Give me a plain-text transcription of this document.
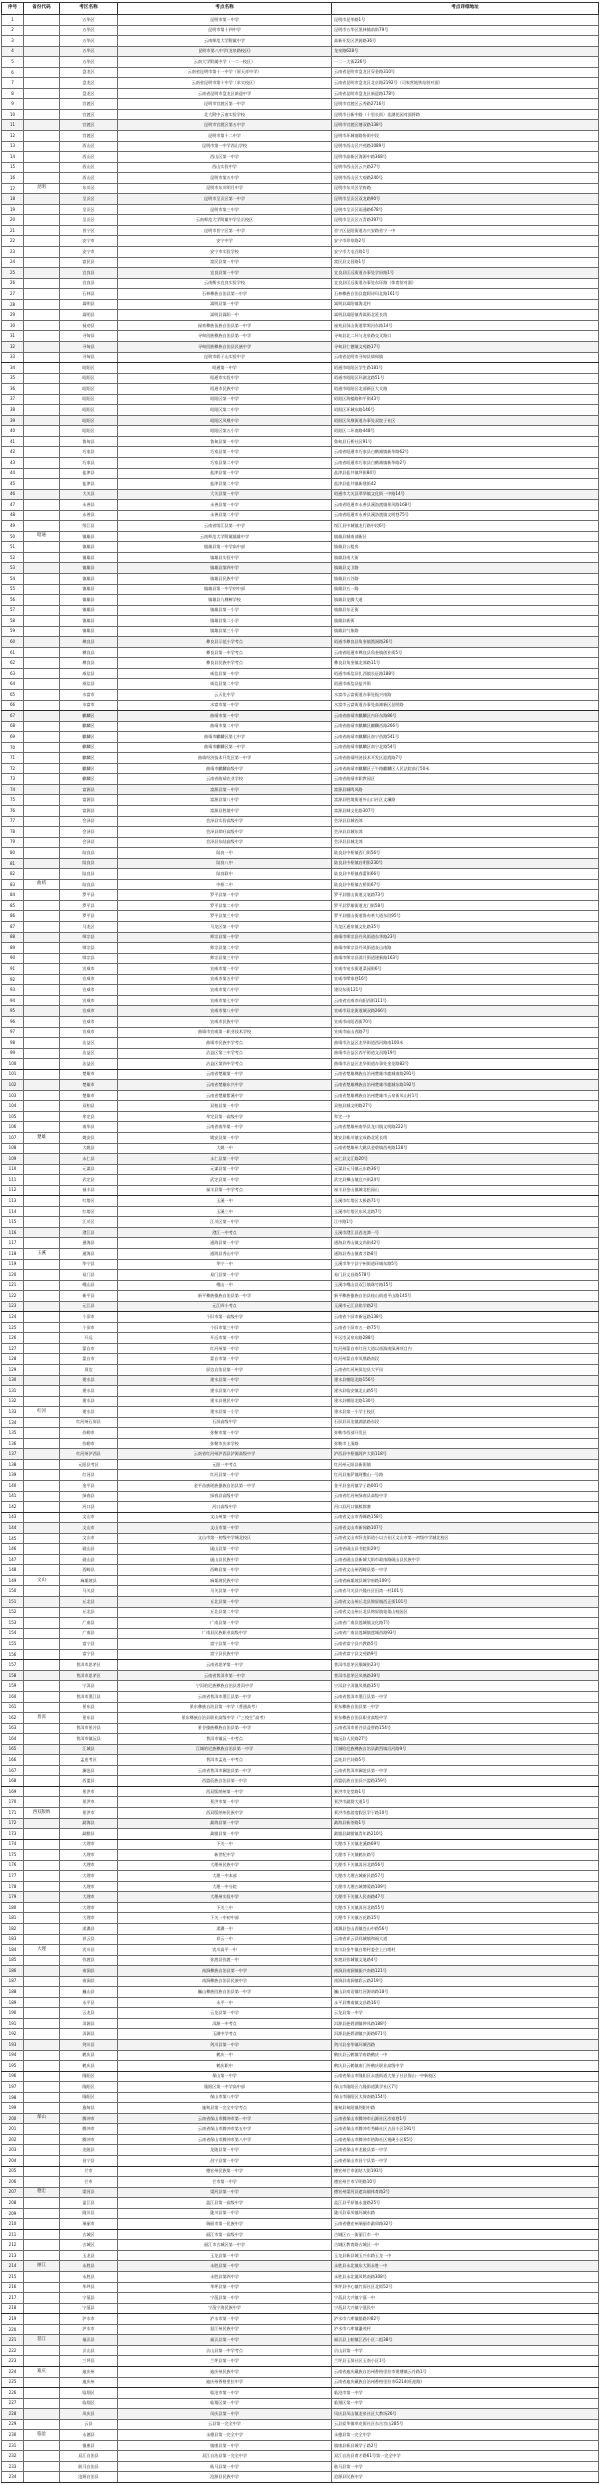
序号	省份代码	考区名称	考点名称	考点详细地址
1		五华区	昆明市第一中学	昆明市昆华路1号
2		五华区	昆明市第十四中学	昆明市五华区黑林铺前街79号
3		五华区	云南师范大学附属中学	高新开发区洪源路36号
4		五华区	昆明市第八中学(龙泉路校区)	龙泉路628号
5		五华区	云南大学附属中学（一二一校区）	一二一大街226号
6		盘龙区	云南省昆明市第十一中学（原天祥中学）	云南省昆明市盘龙区穿金路310号
7		盘龙区	云南省昆明市第十中学（求实校区）	云南省昆明市盘龙区北京路2192号（司家营地铁站斜对面）
8		盘龙区	云南省昆明市盘龙区新迎中学	云南省昆明市盘龙区新迎路178号
9		官渡区	昆明市官渡区第一中学	昆明市官渡区云秀路2716号
10		官渡区	北大附中云南实验学校	昆明市日新中路（十里长街）佳湖花园对面将路
11		官渡区	昆明市官渡区第五中学	昆明市官渡区塘双路138号
12		官渡区	昆明市第十二中学	昆明市环城南路协街中段
13		西山区	昆明市第一中学西山学校	昆明市西山区兴苑路1089号
14		西山区	西山区第一中学	昆明市高新区海源中路368号
15		西山区	西山实验中学	昆明市西山区云兴路27号
16		西山区	昆明市第五中学	昆明市西山区大观路240号
17	昆明	东川区	昆明市东川明月中学	昆明市东川区学府路
18		呈贡区	昆明市呈贡区第一中学	昆明市呈贡区双龙路90号
19		呈贡区	昆明市第三中学	昆明市呈贡区雨通路678号
20		呈贡区	云南师范大学附属中学呈贡校区	昆明市呈贡区万青路397号
21		晋宁区	昆明市晋宁区第一中学	晋宁区昆阳街道办兴安路晋宁一中
22		安宁市	安宁中学	安宁市珍泉路2号
23		安宁市	安宁市实验学校	安宁市大屯百路1号
24		富民县	富民县第一中学	富民县文昌路1号
25		宜良县	宜良县第一中学	宜良县匡远街道办事处学府路1号
26		宜良县	云南衡水宜良实验学校	宜良县匡远街道办事处东环路（体育馆对面）
27		石林县	石林彝族自治县第一中学	石林彝族自治县鹿阿诗玛北路161号
28		嵩明县	嵩明县第一中学	嵩明县嵩阳镇海北村
29		嵩明县	嵩明县嵩阳一中	嵩明县嵩阳镇秀嵩街北延长线
30		禄劝县	禄劝彝族苗族自治县第一中学	禄劝县屏山街道掌鸠河东路14号
31		寻甸县	寻甸回族彝族自治县第一中学	寻甸县北二环与龙泉路交叉路口
32		寻甸县	寻甸回族彝族自治县民族中学	寻甸县仁德镇文苑路17号
33		寻甸县	昆明市轿子山实验中学	云南省昆明市寻甸县倘甸镇
34		昭阳区	昭通第一中学	昭通市昭阳区学生路181号
35		昭阳区	昭通市实验中学	昭通市昭阳区环湖北路51号
36		昭阳区	昭通市民族中学	昭通市昭阳区北部新区大关路
37		昭阳区	昭阳区第一中学	昭阳区海楼路和平街43号
38		昭阳区	昭阳区第二中学	昭阳区环城东路146号
39		昭阳区	昭阳区凤凰中学	昭阳区凤凰街道办事处双院子社区
40		昭阳区	昭阳区第五小学	昭阳区二环南路448号
41		鲁甸县	鲁甸县第一中学	鲁甸县石桥社区91号
42		巧家县	巧家县第一中学	云南省昭通市巧家县白鹤滩镇新华路62号
43		巧家县	巧家县第二中学	云南省昭通市巧家县白鹤滩镇新华路2号
44		盐津县	盐津县第一中学	盐津县盐井镇坪街84号
45		盐津县	盐津县第二中学	盐津县盐井镇新建街42
46		大关县	大关县第一中学	昭通市大关县翠华镇文化街一中路14号
47		永善县	永善县第一中学	云南省昭通市永善县溪洛渡镇景风路168号
48		永善县	永善县第二中学	云南省昭通市永善县溪洛渡镇文明巷75号
49		绥江县	云南省绥江县第一中学	绥江县中城镇龙行路中段6号
50	昭通	镇雄县	云南师范大学附属镇雄中学	镇雄县城南部新区
51		镇雄县	镇雄县第一中学高中部	镇雄县公租房
52		镇雄县	镇雄县实验中学	镇雄县南大街
53		镇雄县	镇雄县第四中学	镇雄县文卫路
54		镇雄县	镇雄县民族中学	镇雄县五谷路
55		镇雄县	镇雄县第一中学初中部	镇雄县五一路
56		镇雄县	镇雄县九棵树学校	镇雄县龙腾大道
57		镇雄县	镇雄县第一小学	镇雄县东正街
58		镇雄县	镇雄县第二小学	镇雄县新街
59		镇雄县	镇雄县第三小学	镇雄县气象路
60		彝良县	彝良县示范小学考点	昭通市彝良县角奎镇渔洞路26号
61		彝良县	彝良县第一中学考点	云南省昭通市彝良县角奎镇创业街5号
62		彝良县	彝良县民族中学考点	彝良县角奎镇北郊路11号
63		威信县	威信县第一中学	昭通市威信县扎西镇长征路188号
64		威信县	威信县第二中学	昭通市威信县盐井街
65		水富市	云天化中学	水富市云富街道办事处振兴南路
66		水富市	水富市第一中学	水富市云富街道办事处高滩新区昆明路
67		麒麟区	曲靖市第一中学	云南省曲靖市麒麟区内环东路86号
68		麒麟区	曲靖市第二中学	云南省曲靖市麒麟区麒麟西路266号
69		麒麟区	曲靖市麒麟区第七中学	云南省曲靖市麒麟区南宁西路541号
70		麒麟区	曲靖市麒麟区第一中学	云南省曲靖市麒麟区南宁北路54号
71		麒麟区	曲靖经济技术开发区第一中学	云南省曲靖经济技术开发区迎霞路7号
72		麒麟区	曲靖市麒麟高级中学	云南省曲靖市麒麟区子午路麒麟区人民法院前行50米
73		麒麟区	云南省曲靖农业学校	云南省曲靖市职教园区
74		富源县	富源县第一中学	富源县城鸣凤路
75		富源县	富源县第八中学	富源县胜境街道外山口社区文澜路
76		富源县	富源县胜境中学	富源县城文化路307号
77		会泽县	会泽县实验高级中学	会泽县县城西郊
78		会泽县	会泽县茚旺高级中学	会泽县县城东郊
79		会泽县	会泽县东陆高级中学	会泽县县城北郊
80		陆良县	陆良一中	陆良县中枢镇西门街56号
81		陆良县	陆良八中	陆良县中枢镇启明街230号
82		陆良县	陆良联中	陆良县中枢镇春蕾街66号
83	曲靖	陆良县	中枢二中	陆良县中枢镇古桥街67号
84		罗平县	罗平县第一中学	罗平县腊山街道文笔路73号
85		罗平县	罗平县第二中学	罗平县罗雄街道龙门街58号
86		罗平县	罗平县第三中学	罗平县腊山街道鲁布革大道东段95号
87		马龙区	马龙区第一中学	马龙区通泉镇文化路35号
88		师宗县	师宗县第一中学	曲靖市师宗县丹凤街道东华路23号
89		师宗县	师宗县第二中学	曲靖市师宗县丹凤街道灰山南路
90		师宗县	师宗县第三中学	曲靖市师宗县漾月街道建新路163号
91		宣威市	宣威市第一中学	宣威市宛水街道菜园街6号
92		宣威市	宣威市第五中学	宣威市缪家巷16号
93		宣威市	宣威市第六中学	建设东街121号
94		宣威市	宣威市第七中学	云南省宣威市向阳西街111号
95		宣威市	宣威市第八中学	宣威市双龙街道城双路266号
96		宣威市	宣威市民族中学	宣威市向阳西街70号
97		宣威市	曲靖市宣威第一职业技术学校	宣威市庙山西路7号
98		沾益区	曲靖市民族中学考点	曲靖市沾益区龙华街道西河路南100米
99		沾益区	沾益区第三中学考点	曲靖市沾益区西平街道文昌路19号
100		沾益区	沾益区第四中学考点	曲靖市沾益区龙华街道办事处金龙路82号
101		楚雄市	云南省楚雄第一中学	云南省楚雄彝族自治州楚雄市鹿城南路291号
102		楚雄市	云南省楚雄东兴中学	云南省楚雄彝族自治州楚雄市鹿城东路192号
103		楚雄市	云南省楚雄紫溪中学	云南省楚雄彝族自治州楚雄市云泉街凤山村1号
104		双柏县	双柏县第一中学	双柏县城文明路27号
105		牟定县	牟定县第一高级中学	牟定一中
106		南华县	云南省南华第一中学	云南省楚雄州南华县龙川镇文明路222号
107	楚雄	姚安县	姚安县第一中学	姚安县栋川镇宝成路北延长线
108		大姚县	大姚一中	云南省楚雄州大姚县金碧镇西苑路128号
109		永仁县	永仁县第一中学	永仁县文汇路20号
110		元谋县	元谋县第一中学	元谋县元马镇元东路36号
111		武定县	武定县第一中学	武定县狮山镇宜兴街24号
112		禄丰县	禄丰县第一中学考点	禄丰县金山镇城北松园山
113		红塔区	玉溪一中	玉溪市红塔区太极路71号
114		红塔区	玉溪三中	玉溪市红塔区东风北路7号
115		江川区	江川区第一中学	江中路1号
116		澄江县	澄江一中考点	玉溪市澄江县西龙潭一号
117		通海县	通海县第一中学	通海县秀山镇文尚街42号
118	玉溪	通海县	通海县秀山中学	通海县秀山镇育才路8号
119		华宁县	华宁一中	玉溪市华宁县宁州街道环城东路5号
120		易门县	易门县第一中学	易门县文昌路578号
121		峨山县	峨山一中	玉溪市峨山县双江镇珠竹路15号
122		新平县	新平彝族傣族自治县第一中学	新平彝族傣族自治县桂山街道平山路145号
123		元江县	元江四小考点	玉溪市元江县铭学路2号
124		个旧市	个旧市第一高级中学	云南省个旧市新冠路138号
125		个旧市	个旧市第三中学	云南省个旧市五一路75号
126		开远	开远市第一中学	开远市灵泉东路288号
127		蒙自市	红河州第一中学	红河州蒙自市红河大道以南滇南绿洲项目内
128		蒙自市	蒙自市第一中学	红河州蒙自市凤凰路南段
129		屏边	屏边自治县第一中学	云南省红河州屏边县大平田
130		建水县	建水县第一中学	建水县朝阳北路156号
131		建水县	建水县第六中学	建水县临安镇北山路5号
132		建水县	建水县建民中学	建水县朝阳北路130号
133	红河	建水县	建水县第一小学	建水县第一小学主校区
134		红河州石屏县	石屏高级中学	石屏县异龙镇湖滨路东段
135		弥勒市	弥勒市第一中学	弥勒市西部开发区
136		弥勒市	弥勒市庆来学校	弥勒市上清路
137		红河州泸西县	云南省红河州泸西县泸源高级中学	泸西县中枢镇阿庐大街118号
138		元阳县考区	元阳一中考点	红河州元阳县新街镇
139		红河县	红河县第一中学	红河县迤萨镇阿撒山一号路
140		金平县	金平苗族瑶族傣族自治县第一中学	金平县金河镇学子路001号
141		绿春县	绿春县高级中学	云南省红河州绿春县高级中学
142		河口县	河口高级中学	河口县河口镇槟郎寨
143		文山市	文山州第一中学	云南省文山市秀峰路158号
144		文山市	文山市第一中学	云南省文山市新闻路107号
145		文山市	文山市第一初级中学城北校区	云南省文山市卧龙街道小以古社区文山市第一初级中学城北校区
146		砚山县	砚山县第一中学	云南省砚山县书院街29号
147		砚山县	砚山县民族中学	云南省砚山县新城大街市政南路砚山县民族中学
148		西畴县	西畴县第一中学	云南省文山州西畴县第一中学
149	文山	麻栗坡县	麻栗坡民族中学	云南省麻栗坡县城学府路109号
150		马关县	马关县第一中学	云南省马关县兴隆社区田湾一村101号
151		丘北县	丘北县第一中学	云南省文山州丘北县锦屏镇西正街101号
152		丘北县	丘北县第二中学	云南省文山州丘北县锦屏镇笔架山校园区
153		广南县	广南县第一中学	云南省广南县莲城镇文化路7号
154		广南县	广南县民族职业高级中学	云南省广南县莲城镇莲城西路93号
155		富宁县	富宁县第一中学	云南省富宁县兴教路5号
156		富宁县	富宁县民族中学	云南省富宁县文苑路9号
157		普洱市思茅区	云南省思茅第一中学	普洱市思茅区顺城街23号
158		普洱市思茅区	云南省普洱市第一中学	普洱市思茅区凤凰路39号
159		宁洱县	宁洱哈尼族彝族自治县普洱中学	宁洱县宁洱镇凤凰路35号
160		普洱市墨江县	云南省普洱市墨江县第一中学	云南省普洱市墨江县第一中学
161		景东县	景东彝族自治县第一中学（普通高考）	景东彝族自治县第一中学
162	普洱	景东县	景东彝族自治县职业高级中学（“三校生”高考）	景东彝族自治县职业高级中学
163		普洱市景谷县	景谷傣族彝族自治县第一中学	云南省洱市景谷县益智路154号
164		普洱市镇沅县	普洱市镇沅一中考点	镇沅县人民路27号
165		江城县	江城哈尼族彝族自治县第一中学	江城哈尼族彝族自治县勐烈镇沿河路9号
166		孟连考区	普洱市孟连一中考点	孟连县芒卦路5号
167		澜沧县	云南省普洱市澜沧县第一中学	云南省普洱市澜沧县第一中学
168		西盟县	西盟佤族自治县第一中学	西盟佤族自治县兴盟路359号
169		景洪市	西双版纳州第一中学	景洪市龙堂路1号
170		景洪市	景洪市第一中学	景洪市勐泐大道1号
171	西双版纳	景洪市	西双版纳州民族中学	景洪市旅游度假区学于路10号
172		勐海县	勐海县第一中学	勐海县新茶路1号
173		勐腊县	勐腊县第一中学	勐腊县勐腊镇青年路210号
174		大理市	下关一中	大理市下关镇龙溪路69号
175		大理市	新世纪中学	大理市下关镇鹤庆路号
176		大理市	大理州民族中学	大理市下关镇洱河北路56号
177		大理市	大理一中本部	大理市大理古城新民路57号
178		大理市	大理一中分院	大理市大理古城博爱路109号
179		大理市	大理州实验中学	大理市下关镇人民南路47号
180		大理市	下关三中	大理市下关镇洱河北路55号
181		大理市	下关一中初中部	大理市下关镇万花路15号
182		漾濞县	漾濞一中	漾濞县苍山西镇苍山中路56号
183		祥云县	祥云一中	云南省祥云县祥城镇和福大道
184	大理	宾川县	宾川高平一中	宾川县金牛镇白塔村委会上白塔村
185		弥渡县	弥渡县弥渡一中	弥渡县弥城镇文笔路4号
186		南涧县	南涧彝族自治县第一中学	南涧县南涧镇振兴南路121号
187		南涧县	南涧彝族自治县民族中学	南涧县南涧镇彩云路219号
188		巍山县	巍山彝族回族自治县第一中学	巍山县南诏镇红河源南路18号
189		永平县	永平一中	永平县博南镇文昌路16号
190		云龙县	云龙县第一中学	云龙县第一中学
191		洱源县	洱源一中考点	洱源县茈碧湖镇钟凤路188号
192		洱源县	玉湖中学考点	洱源县茈碧湖镇兴源路071号
193		剑川县	剑川县第一中学	剑川县金华镇环城西路
194		鹤庆县	鹤庆一中	鹤庆县云鹤镇学府路鹤庆一中
195		鹤庆县	鹤庆职中	鹤庆县云鹤镇南门外鹤庆职业高级中学
196		隆阳区	保山第一中学	云南省保山市隆阳区永盛街道大堡子社区保山一中新校区
197		隆阳区	隆阳区第一中学高中部	保山市隆阳区九隆街道簧学社区7号
198		隆阳区	保山市第八中学	保山市隆阳区太保南路154号
199		施甸县	施甸县第一完全中学考点	施甸县甸阳镇剑阳中路
200	保山	腾冲市	云南省保山市腾冲市第一中学	云南省保山市腾冲市山源社区沙家巷1号
201		腾冲市	云南省保山市腾冲市第五中学	云南省保山市腾冲市秀峰社区古昌小区191号
202		腾冲市	云南省保山市腾冲市第八中学	云南省保山市腾冲市热海社区观硬小区65号
203		龙陵县	龙陵县第一中学	云南省保山市龙陵县第一中学
204		昌宁县	昌宁县第一中学	云南省保山市昌宁县第一中学
205		芒市	德宏州民族第一中学	德宏州芒市团结大街193号
206		芒市	芒市第一中学	德宏州芒市罕明路10号
207	德宏	梁河县	梁河县第一中学	德宏州梁河县遮岛镇体育路2号
208		盈江县	盈江县第一高级中学	盈江县平原镇永盛路25号
209		陇川县	陇川县第一中学	陇川县章凤镇环城东路
210		瑞丽市	瑞丽市第一民族中学	云南省德宏州瑞丽市勐卯路32号
211		古城区	丽江市第一高级中学	古城区五一街丽江市一中
212		古城区	丽江市古城区第一中学	古城区教育路古城区一中
213		玉龙县	玉龙县第一中学	玉龙县新县城玉兴东路玉龙一中
214	丽江	永胜县	永胜县第一中学	永胜县永北镇东大街永胜一中
215		永胜县	永胜县第四中学	永胜县永北镇凤鸣南路308号
216		华坪县	华坪县第一中学	华坪县中心镇竹屏社区北街52号
217		宁蒗县	宁蒗县第一中学	宁蒗县大兴镇宁蒗一中
218		宁蒗县	宁蒗宁海民族中学	宁蒗县大兴镇宁蒗民中
219		泸水市	泸水市第一中学	泸水市六库镇排路坝82号
220		泸水市	怒江州民族中学	泸水市六库镇瀑茂村
221	怒江	福贡县	福贡县第一中学	福贡县上帕镇江西小区二组38号
222		贡山县	贡山县第一中学考点	贡山县第一中学
223		兰坪县	兰坪县第一中学	兰坪县玉屏社区玉南小区1号
224	迪庆	迪庆州	迪庆州民族中学	云南省迪庆藏族自治州香格里拉市建塘镇云丹路1号
225		迪庆州	迪庆州香格里拉中学	云南省迪庆藏族自治州香格里拉市G214(旺池路)
226		临翔区	临沧市第一中学	临沧市第一中学
227		临翔区	临翔区第一中学	临翔区第一中学
228		凤庆县	凤庆县第一中学	凤庆县凤山镇龙泉社区大教场26号
229		云县	云县第一完全中学	云县爱华镇草皮街社区东岳宫山285号
230	临沧	永德县	永德县第一完全中学	永德县第一完全中学
231		镇康县	镇康县第一中学	镇康县新县城学子路2号
232		双江自治县	双江自治县第一完全中学	双江自治县育才路61号第一完全中学
233		耿马自治县	耿马县第一中学	耿马县第一中学
234		沧源自治县	沧源县民族中学	沧源县民族中学
